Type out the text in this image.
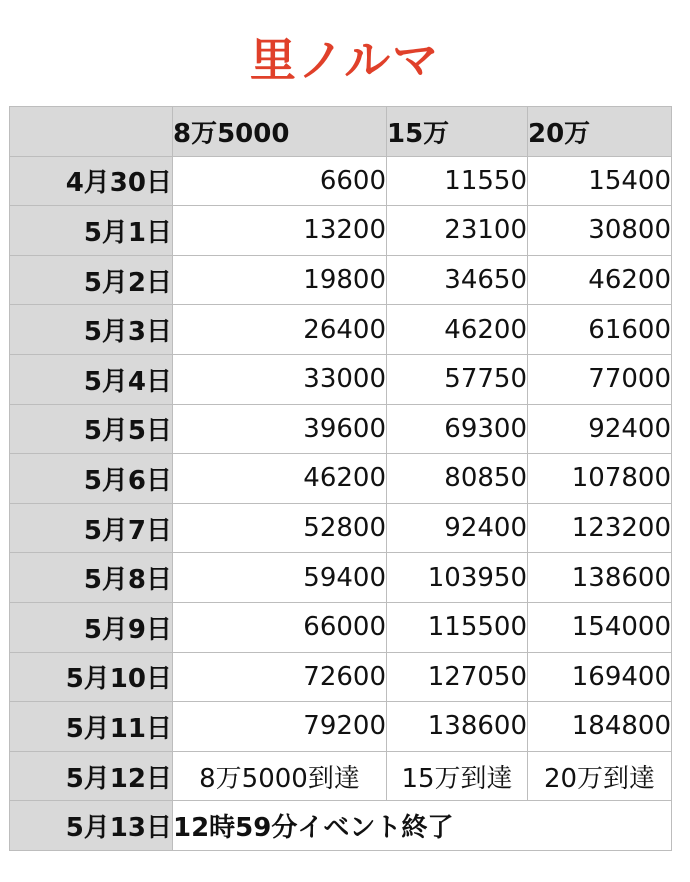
里ノルマ
	8万5000	15万	20万
4月30日	6600	11550	15400
5月1日	13200	23100	30800
5月2日	19800	34650	46200
5月3日	26400	46200	61600
5月4日	33000	57750	77000
5月5日	39600	69300	92400
5月6日	46200	80850	107800
5月7日	52800	92400	123200
5月8日	59400	103950	138600
5月9日	66000	115500	154000
5月10日	72600	127050	169400
5月11日	79200	138600	184800
5月12日	8万5000到達	15万到達	20万到達
5月13日	12時59分イベント終了		
